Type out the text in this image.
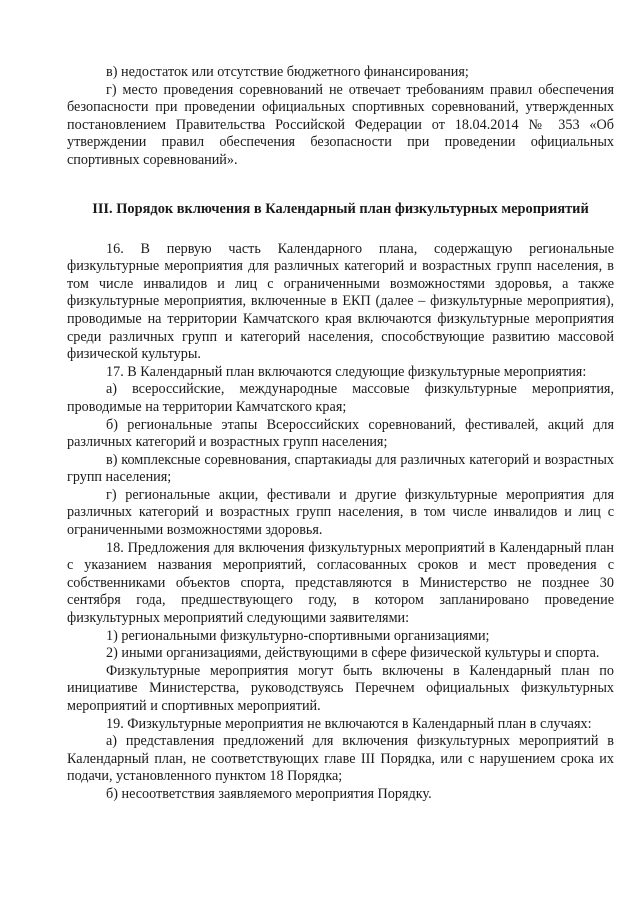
в) недостаток или отсутствие бюджетного финансирования;

г) место проведения соревнований не отвечает требованиям правил обеспечения безопасности при проведении официальных спортивных соревнований, утвержденных постановлением Правительства Российской Федерации от 18.04.2014 № 353 «Об утверждении правил обеспечения безопасности при проведении официальных спортивных соревнований».

III. Порядок включения в Календарный план физкультурных мероприятий

16. В первую часть Календарного плана, содержащую региональные физкультурные мероприятия для различных категорий и возрастных групп населения, в том числе инвалидов и лиц с ограниченными возможностями здоровья, а также физкультурные мероприятия, включенные в ЕКП (далее – физкультурные мероприятия), проводимые на территории Камчатского края включаются физкультурные мероприятия среди различных групп и категорий населения, способствующие развитию массовой физической культуры.

17. В Календарный план включаются следующие физкультурные мероприятия:

а) всероссийские, международные массовые физкультурные мероприятия, проводимые на территории Камчатского края;

б) региональные этапы Всероссийских соревнований, фестивалей, акций для различных категорий и возрастных групп населения;

в) комплексные соревнования, спартакиады для различных категорий и возрастных групп населения;

г) региональные акции, фестивали и другие физкультурные мероприятия для различных категорий и возрастных групп населения, в том числе инвалидов и лиц с ограниченными возможностями здоровья.

18. Предложения для включения физкультурных мероприятий в Календарный план с указанием названия мероприятий, согласованных сроков и мест проведения с собственниками объектов спорта, представляются в Министерство не позднее 30 сентября года, предшествующего году, в котором запланировано проведение физкультурных мероприятий следующими заявителями:

1) региональными физкультурно-спортивными организациями;

2) иными организациями, действующими в сфере физической культуры и спорта.

Физкультурные мероприятия могут быть включены в Календарный план по инициативе Министерства, руководствуясь Перечнем официальных физкультурных мероприятий и спортивных мероприятий.

19. Физкультурные мероприятия не включаются в Календарный план в случаях:

а) представления предложений для включения физкультурных мероприятий в Календарный план, не соответствующих главе III Порядка, или с нарушением срока их подачи, установленного пунктом 18 Порядка;

б) несоответствия заявляемого мероприятия Порядку.
